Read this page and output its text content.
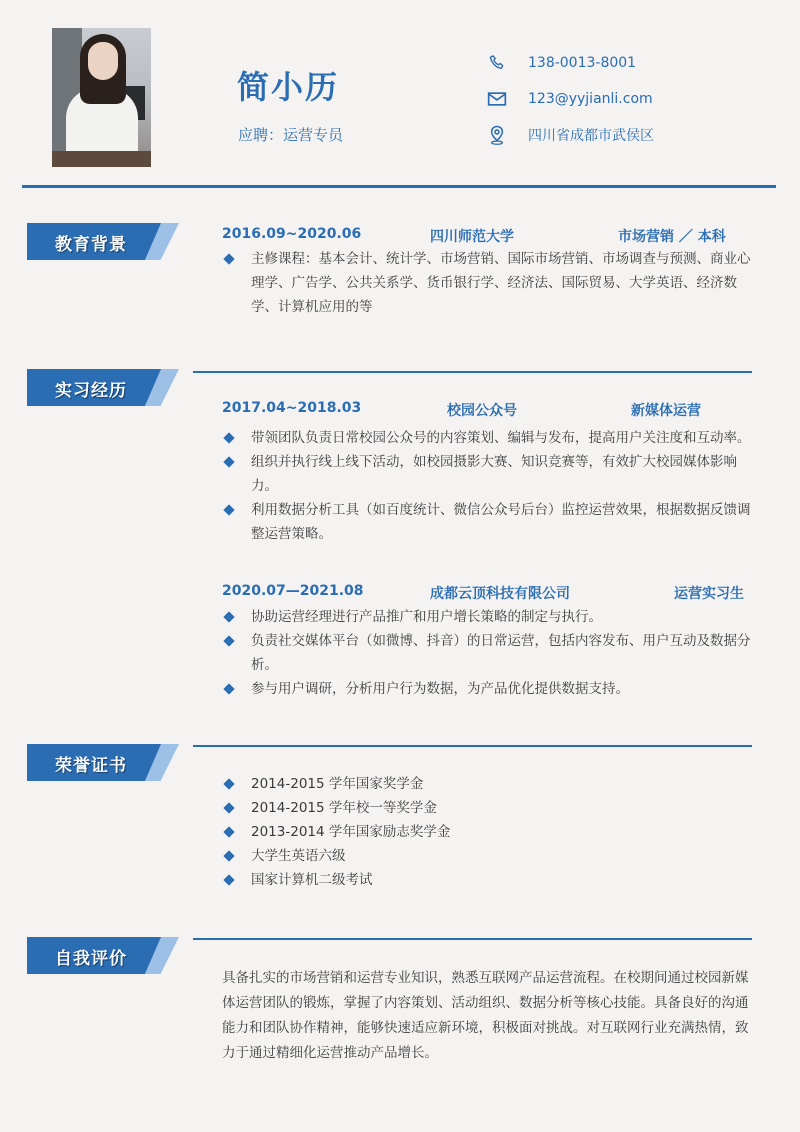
简小历
应聘：运营专员
138-0013-8001
123@yyjianli.com
四川省成都市武侯区
教育背景
2016.09~2020.06	四川师范大学	市场营销 ／ 本科
主修课程：基本会计、统计学、市场营销、国际市场营销、市场调查与预测、商业心理学、广告学、公共关系学、货币银行学、经济法、国际贸易、大学英语、经济数学、计算机应用的等
实习经历
2017.04~2018.03	校园公众号	新媒体运营
带领团队负责日常校园公众号的内容策划、编辑与发布，提高用户关注度和互动率。
组织并执行线上线下活动，如校园摄影大赛、知识竞赛等，有效扩大校园媒体影响力。
利用数据分析工具（如百度统计、微信公众号后台）监控运营效果，根据数据反馈调整运营策略。
2020.07—2021.08	成都云顶科技有限公司	运营实习生
协助运营经理进行产品推广和用户增长策略的制定与执行。
负责社交媒体平台（如微博、抖音）的日常运营，包括内容发布、用户互动及数据分析。
参与用户调研，分析用户行为数据，为产品优化提供数据支持。
荣誉证书
2014-2015 学年国家奖学金
2014-2015 学年校一等奖学金
2013-2014 学年国家励志奖学金
大学生英语六级
国家计算机二级考试
自我评价
具备扎实的市场营销和运营专业知识，熟悉互联网产品运营流程。在校期间通过校园新媒体运营团队的锻炼，掌握了内容策划、活动组织、数据分析等核心技能。具备良好的沟通能力和团队协作精神，能够快速适应新环境，积极面对挑战。对互联网行业充满热情，致力于通过精细化运营推动产品增长。
